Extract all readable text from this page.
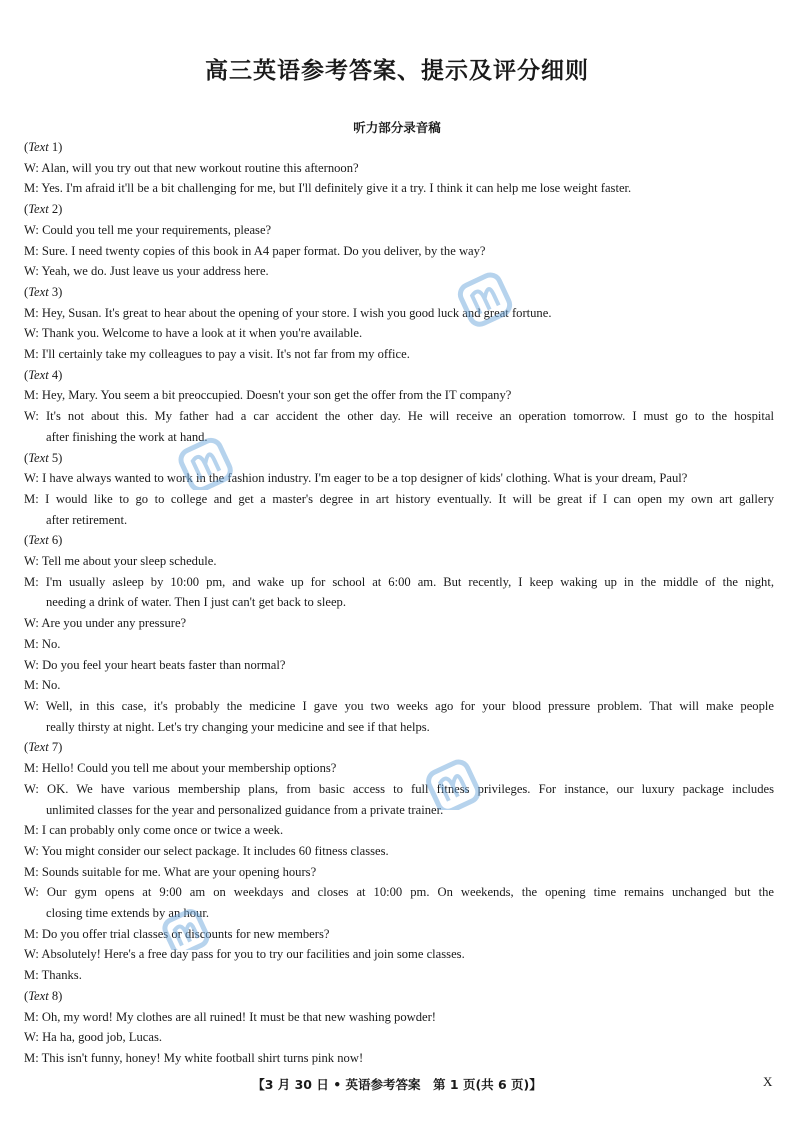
高三英语参考答案、提示及评分细则
听力部分录音稿
(Text 1)
W: Alan, will you try out that new workout routine this afternoon?
M: Yes. I'm afraid it'll be a bit challenging for me, but I'll definitely give it a try. I think it can help me lose weight faster.
(Text 2)
W: Could you tell me your requirements, please?
M: Sure. I need twenty copies of this book in A4 paper format. Do you deliver, by the way?
W: Yeah, we do. Just leave us your address here.
(Text 3)
M: Hey, Susan. It's great to hear about the opening of your store. I wish you good luck and great fortune.
W: Thank you. Welcome to have a look at it when you're available.
M: I'll certainly take my colleagues to pay a visit. It's not far from my office.
(Text 4)
M: Hey, Mary. You seem a bit preoccupied. Doesn't your son get the offer from the IT company?
W: It's not about this. My father had a car accident the other day. He will receive an operation tomorrow. I must go to the hospital
after finishing the work at hand.
(Text 5)
W: I have always wanted to work in the fashion industry. I'm eager to be a top designer of kids' clothing. What is your dream, Paul?
M: I would like to go to college and get a master's degree in art history eventually. It will be great if I can open my own art gallery
after retirement.
(Text 6)
W: Tell me about your sleep schedule.
M: I'm usually asleep by 10:00 pm, and wake up for school at 6:00 am. But recently, I keep waking up in the middle of the night,
needing a drink of water. Then I just can't get back to sleep.
W: Are you under any pressure?
M: No.
W: Do you feel your heart beats faster than normal?
M: No.
W: Well, in this case, it's probably the medicine I gave you two weeks ago for your blood pressure problem. That will make people
really thirsty at night. Let's try changing your medicine and see if that helps.
(Text 7)
M: Hello! Could you tell me about your membership options?
W: OK. We have various membership plans, from basic access to full fitness privileges. For instance, our luxury package includes
unlimited classes for the year and personalized guidance from a private trainer.
M: I can probably only come once or twice a week.
W: You might consider our select package. It includes 60 fitness classes.
M: Sounds suitable for me. What are your opening hours?
W: Our gym opens at 9:00 am on weekdays and closes at 10:00 pm. On weekends, the opening time remains unchanged but the
closing time extends by an hour.
M: Do you offer trial classes or discounts for new members?
W: Absolutely! Here's a free day pass for you to try our facilities and join some classes.
M: Thanks.
(Text 8)
M: Oh, my word! My clothes are all ruined! It must be that new washing powder!
W: Ha ha, good job, Lucas.
M: This isn't funny, honey! My white football shirt turns pink now!
【3 月 30 日 • 英语参考答案　第 1 页(共 6 页)】	X
